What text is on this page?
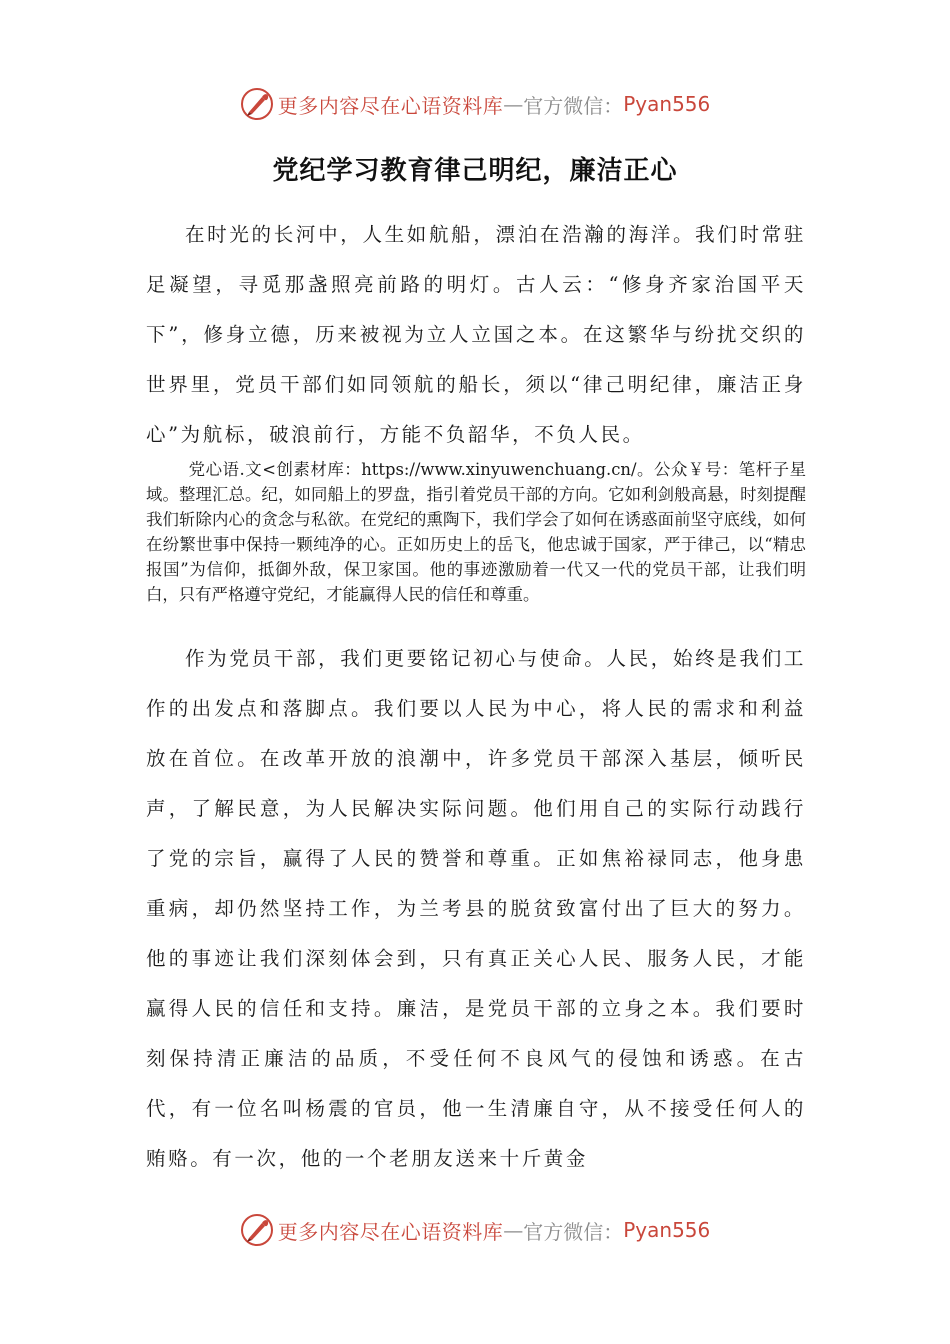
更多内容尽在心语资料库 — 官方微信： Pyan556
党纪学习教育律己明纪，廉洁正心

在时光的长河中，人生如航船，漂泊在浩瀚的海洋。我们时常驻足凝望，寻觅那盏照亮前路的明灯。古人云：“修身齐家治国平天下”，修身立德，历来被视为立人立国之本。在这繁华与纷扰交织的世界里，党员干部们如同领航的船长，须以“律己明纪律，廉洁正身心”为航标，破浪前行，方能不负韶华，不负人民。

党心语.文<创素材库：https://www.xinyuwenchuang.cn/。公众￥号：笔杆子星域。整理汇总。纪，如同船上的罗盘，指引着党员干部的方向。它如利剑般高悬，时刻提醒我们斩除内心的贪念与私欲。在党纪的熏陶下，我们学会了如何在诱惑面前坚守底线，如何在纷繁世事中保持一颗纯净的心。正如历史上的岳飞，他忠诚于国家，严于律己，以“精忠报国”为信仰，抵御外敌，保卫家国。他的事迹激励着一代又一代的党员干部，让我们明白，只有严格遵守党纪，才能赢得人民的信任和尊重。

作为党员干部，我们更要铭记初心与使命。人民，始终是我们工作的出发点和落脚点。我们要以人民为中心，将人民的需求和利益放在首位。在改革开放的浪潮中，许多党员干部深入基层，倾听民声，了解民意，为人民解决实际问题。他们用自己的实际行动践行了党的宗旨，赢得了人民的赞誉和尊重。正如焦裕禄同志，他身患重病，却仍然坚持工作，为兰考县的脱贫致富付出了巨大的努力。他的事迹让我们深刻体会到，只有真正关心人民、服务人民，才能赢得人民的信任和支持。廉洁，是党员干部的立身之本。我们要时刻保持清正廉洁的品质，不受任何不良风气的侵蚀和诱惑。在古代，有一位名叫杨震的官员，他一生清廉自守，从不接受任何人的贿赂。有一次，他的一个老朋友送来十斤黄金

更多内容尽在心语资料库 — 官方微信： Pyan556
